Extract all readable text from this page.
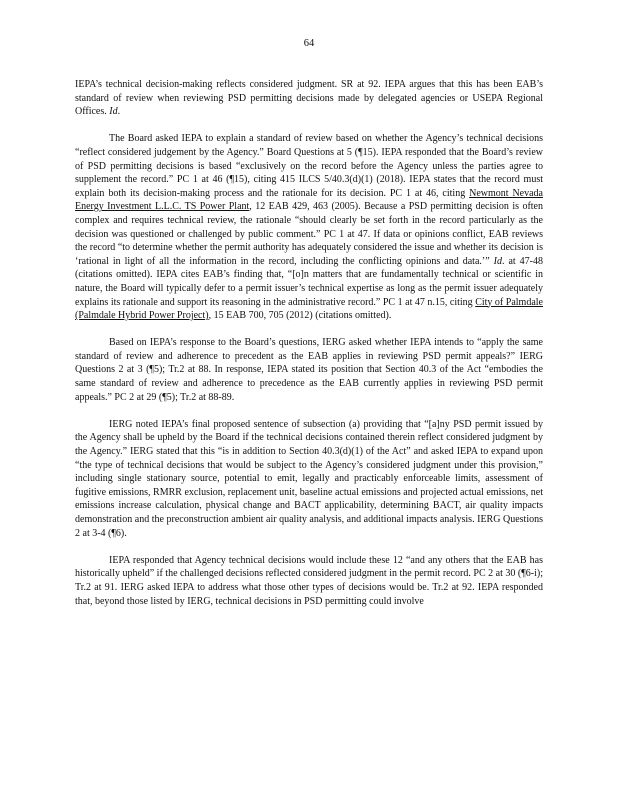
64

IEPA’s technical decision-making reflects considered judgment. SR at 92. IEPA argues that this has been EAB’s standard of review when reviewing PSD permitting decisions made by delegated agencies or USEPA Regional Offices. Id.

The Board asked IEPA to explain a standard of review based on whether the Agency’s technical decisions “reflect considered judgement by the Agency.” Board Questions at 5 (¶15). IEPA responded that the Board’s review of PSD permitting decisions is based “exclusively on the record before the Agency unless the parties agree to supplement the record.” PC 1 at 46 (¶15), citing 415 ILCS 5/40.3(d)(1) (2018). IEPA states that the record must explain both its decision-making process and the rationale for its decision. PC 1 at 46, citing Newmont Nevada Energy Investment L.L.C. TS Power Plant, 12 EAB 429, 463 (2005). Because a PSD permitting decision is often complex and requires technical review, the rationale “should clearly be set forth in the record particularly as the decision was questioned or challenged by public comment.” PC 1 at 47. If data or opinions conflict, EAB reviews the record “to determine whether the permit authority has adequately considered the issue and whether its decision is ‘rational in light of all the information in the record, including the conflicting opinions and data.’” Id. at 47-48 (citations omitted). IEPA cites EAB’s finding that, “[o]n matters that are fundamentally technical or scientific in nature, the Board will typically defer to a permit issuer’s technical expertise as long as the permit issuer adequately explains its rationale and support its reasoning in the administrative record.” PC 1 at 47 n.15, citing City of Palmdale (Palmdale Hybrid Power Project), 15 EAB 700, 705 (2012) (citations omitted).

Based on IEPA’s response to the Board’s questions, IERG asked whether IEPA intends to “apply the same standard of review and adherence to precedent as the EAB applies in reviewing PSD permit appeals?” IERG Questions 2 at 3 (¶5); Tr.2 at 88. In response, IEPA stated its position that Section 40.3 of the Act “embodies the same standard of review and adherence to precedence as the EAB currently applies in reviewing PSD permit appeals.” PC 2 at 29 (¶5); Tr.2 at 88-89.

IERG noted IEPA’s final proposed sentence of subsection (a) providing that “[a]ny PSD permit issued by the Agency shall be upheld by the Board if the technical decisions contained therein reflect considered judgment by the Agency.” IERG stated that this “is in addition to Section 40.3(d)(1) of the Act” and asked IEPA to expand upon “the type of technical decisions that would be subject to the Agency’s considered judgment under this provision,” including single stationary source, potential to emit, legally and practicably enforceable limits, assessment of fugitive emissions, RMRR exclusion, replacement unit, baseline actual emissions and projected actual emissions, net emissions increase calculation, physical change and BACT applicability, determining BACT, air quality impacts demonstration and the preconstruction ambient air quality analysis, and additional impacts analysis. IERG Questions 2 at 3-4 (¶6).

IEPA responded that Agency technical decisions would include these 12 “and any others that the EAB has historically upheld” if the challenged decisions reflected considered judgment in the permit record. PC 2 at 30 (¶6-i); Tr.2 at 91. IERG asked IEPA to address what those other types of decisions would be. Tr.2 at 92. IEPA responded that, beyond those listed by IERG, technical decisions in PSD permitting could involve
